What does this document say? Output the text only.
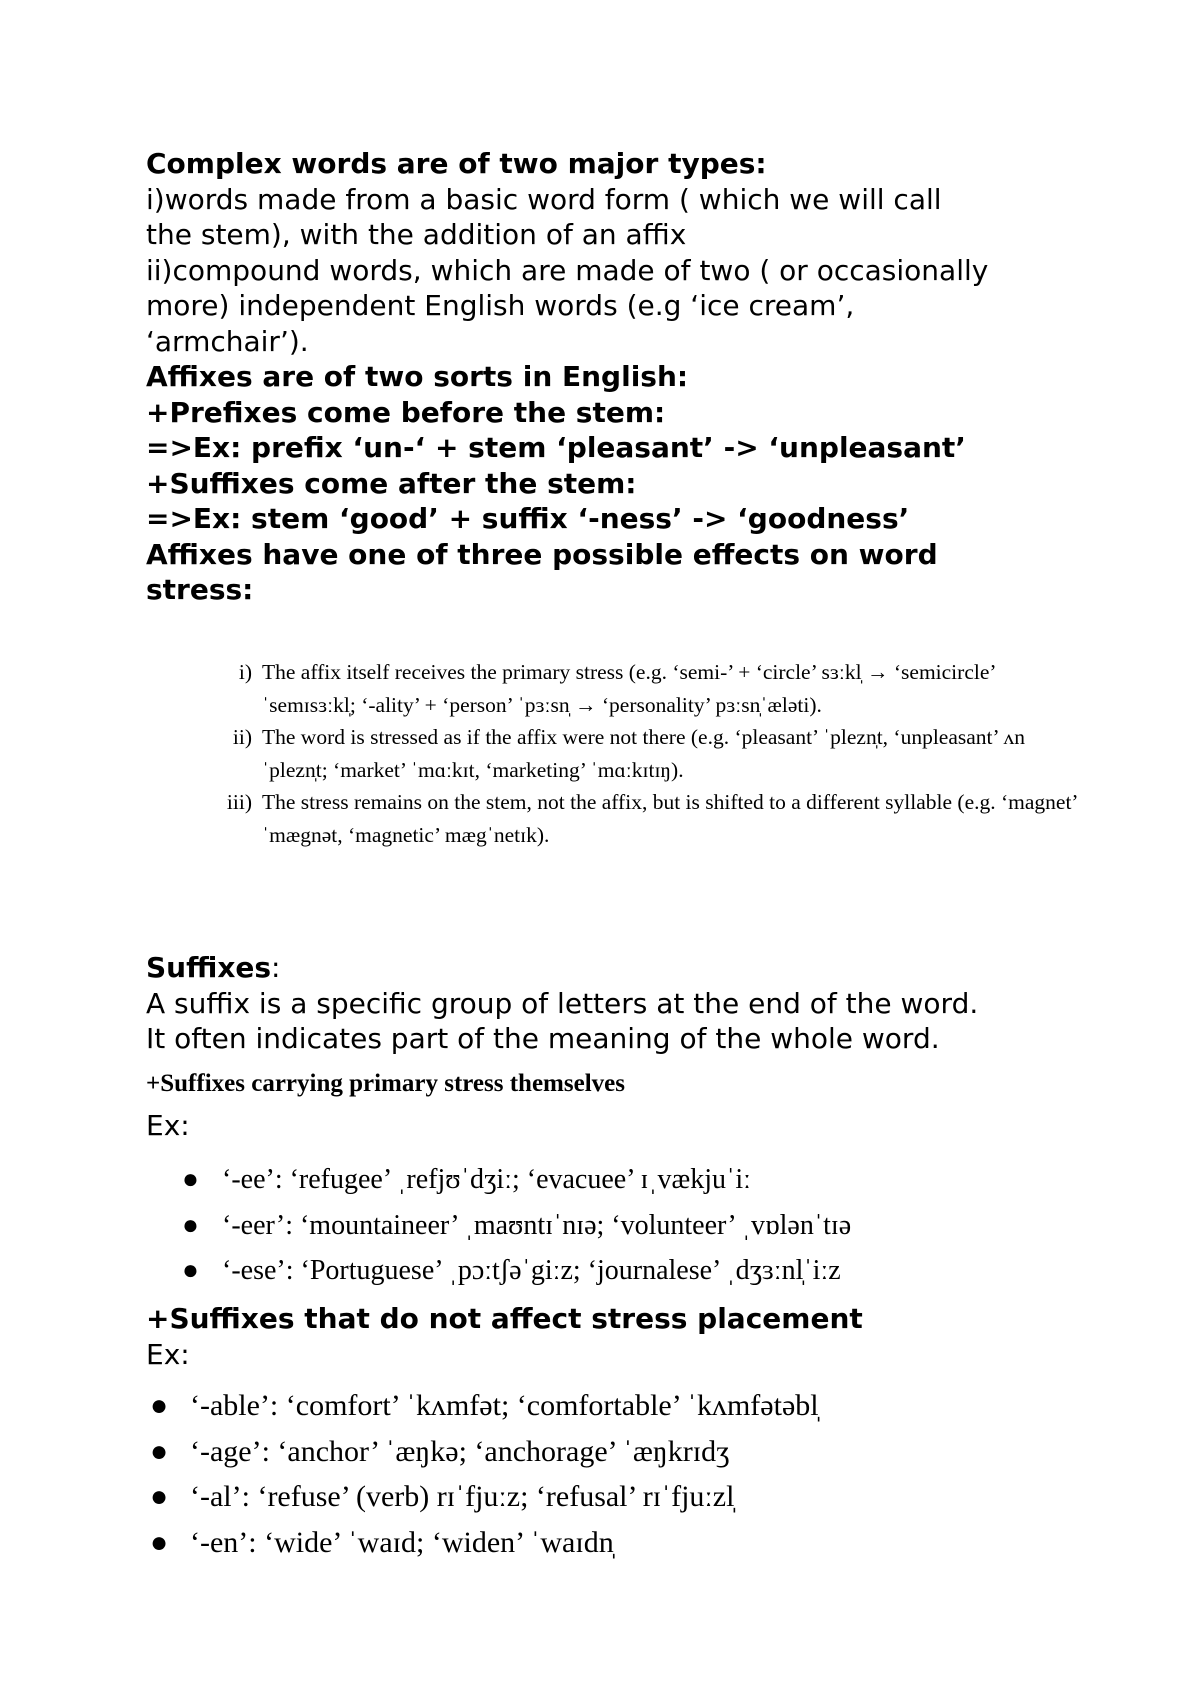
Complex words are of two major types:

i)words made from a basic word form ( which we will call

the stem), with the addition of an affix

ii)compound words, which are made of two ( or occasionally

more) independent English words (e.g ‘ice cream’,

‘armchair’).

Affixes are of two sorts in English:

+Prefixes come before the stem:

=>Ex: prefix ‘un-‘ + stem ‘pleasant’ -> ‘unpleasant’

+Suffixes come after the stem:

=>Ex: stem ‘good’ + suffix ‘-ness’ -> ‘goodness’

Affixes have one of three possible effects on word

stress:

i) The affix itself receives the primary stress (e.g. ‘semi-’ + ‘circle’ sɜːkl̩ → ‘semicircle’ ˈsemɪsɜːkl̩; ‘-ality’ + ‘person’ ˈpɜːsn̩ → ‘personality’ pɜːsn̩ˈæləti).
ii) The word is stressed as if the affix were not there (e.g. ‘pleasant’ ˈplezn̩t, ‘unpleasant’ ʌnˈplezn̩t; ‘market’ ˈmɑːkɪt, ‘marketing’ ˈmɑːkɪtɪŋ).
iii) The stress remains on the stem, not the affix, but is shifted to a different syllable (e.g. ‘magnet’ ˈmægnət, ‘magnetic’ mægˈnetɪk).

Suffixes:

A suffix is a specific group of letters at the end of the word.

It often indicates part of the meaning of the whole word.

+Suffixes carrying primary stress themselves
Ex:
● ‘-ee’: ‘refugee’ ˌrefjʊˈdʒiː; ‘evacuee’ ɪˌvækjuˈiː
● ‘-eer’: ‘mountaineer’ ˌmaʊntɪˈnɪə; ‘volunteer’ ˌvɒlənˈtɪə
● ‘-ese’: ‘Portuguese’ ˌpɔːtʃəˈgiːz; ‘journalese’ ˌdʒɜːnl̩ˈiːz

+Suffixes that do not affect stress placement

Ex:

● ‘-able’: ‘comfort’ ˈkʌmfət; ‘comfortable’ ˈkʌmfətəbl̩
● ‘-age’: ‘anchor’ ˈæŋkə; ‘anchorage’ ˈæŋkrɪdʒ
● ‘-al’: ‘refuse’ (verb) rɪˈfjuːz; ‘refusal’ rɪˈfjuːzl̩
● ‘-en’: ‘wide’ ˈwaɪd; ‘widen’ ˈwaɪdn̩
